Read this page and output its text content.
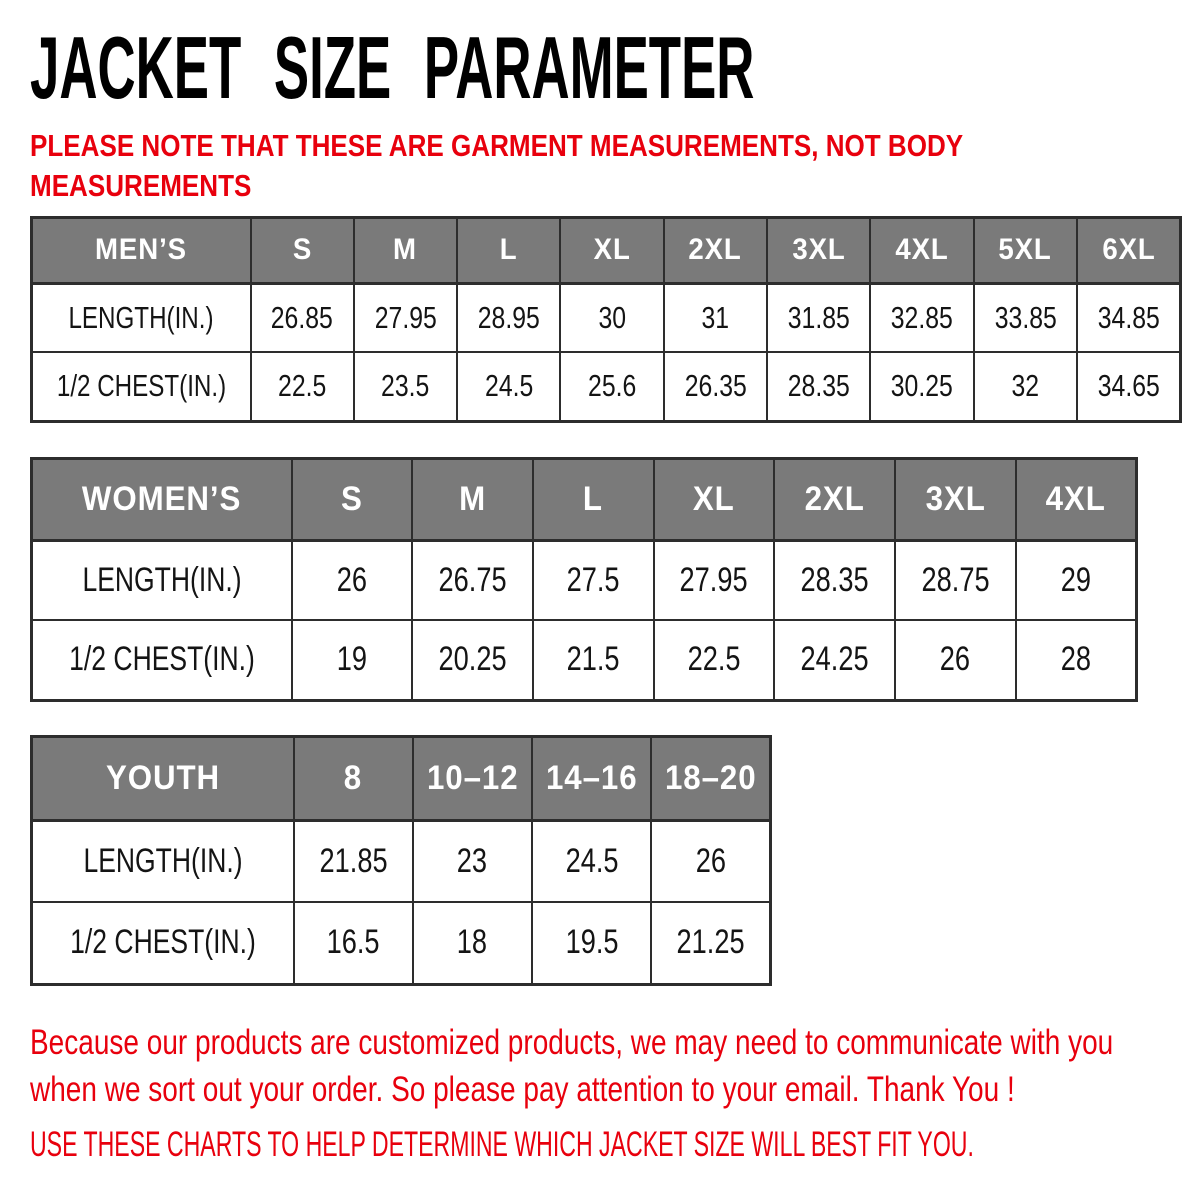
JACKET SIZE PARAMETER
PLEASE NOTE THAT THESE ARE GARMENT MEASUREMENTS, NOT BODY
MEASUREMENTS
MEN’S	S	M	L	XL	2XL	3XL	4XL	5XL	6XL
LENGTH(IN.)	26.85	27.95	28.95	30	31	31.85	32.85	33.85	34.85
1/2 CHEST(IN.)	22.5	23.5	24.5	25.6	26.35	28.35	30.25	32	34.65
WOMEN’S	S	M	L	XL	2XL	3XL	4XL
LENGTH(IN.)	26	26.75	27.5	27.95	28.35	28.75	29
1/2 CHEST(IN.)	19	20.25	21.5	22.5	24.25	26	28
YOUTH	8	10–12	14–16	18–20
LENGTH(IN.)	21.85	23	24.5	26
1/2 CHEST(IN.)	16.5	18	19.5	21.25

Because our products are customized products, we may need to communicate with you
when we sort out your order. So please pay attention to your email. Thank You !

USE THESE CHARTS TO HELP DETERMINE WHICH JACKET SIZE WILL BEST FIT YOU.
